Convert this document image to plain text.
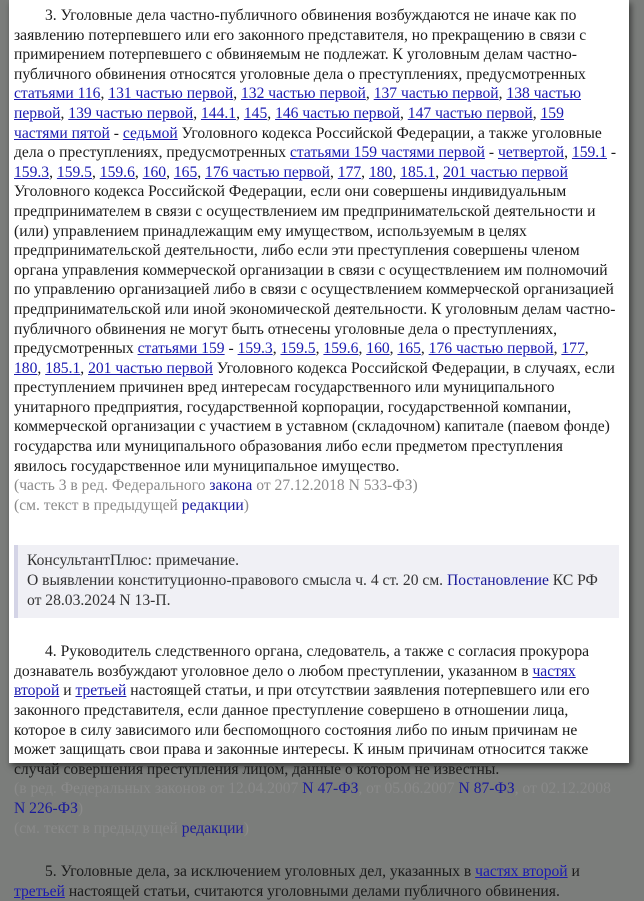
3. Уголовные дела частно-публичного обвинения возбуждаются не иначе как по заявлению потерпевшего или его законного представителя, но прекращению в связи с примирением потерпевшего с обвиняемым не подлежат. К уголовным делам частно-публичного обвинения относятся уголовные дела о преступлениях, предусмотренных статьями 116, 131 частью первой, 132 частью первой, 137 частью первой, 138 частью первой, 139 частью первой, 144.1, 145, 146 частью первой, 147 частью первой, 159 частями пятой - седьмой Уголовного кодекса Российской Федерации, а также уголовные дела о преступлениях, предусмотренных статьями 159 частями первой - четвертой, 159.1 - 159.3, 159.5, 159.6, 160, 165, 176 частью первой, 177, 180, 185.1, 201 частью первой Уголовного кодекса Российской Федерации, если они совершены индивидуальным предпринимателем в связи с осуществлением им предпринимательской деятельности и (или) управлением принадлежащим ему имуществом, используемым в целях предпринимательской деятельности, либо если эти преступления совершены членом органа управления коммерческой организации в связи с осуществлением им полномочий по управлению организацией либо в связи с осуществлением коммерческой организацией предпринимательской или иной экономической деятельности. К уголовным делам частно-публичного обвинения не могут быть отнесены уголовные дела о преступлениях, предусмотренных статьями 159 - 159.3, 159.5, 159.6, 160, 165, 176 частью первой, 177, 180, 185.1, 201 частью первой Уголовного кодекса Российской Федерации, в случаях, если преступлением причинен вред интересам государственного или муниципального унитарного предприятия, государственной корпорации, государственной компании, коммерческой организации с участием в уставном (складочном) капитале (паевом фонде) государства или муниципального образования либо если предметом преступления явилось государственное или муниципальное имущество.

(часть 3 в ред. Федерального закона от 27.12.2018 N 533-ФЗ)

(см. текст в предыдущей редакции)

КонсультантПлюс: примечание.
О выявлении конституционно-правового смысла ч. 4 ст. 20 см. Постановление КС РФ от 28.03.2024 N 13-П.

4. Руководитель следственного органа, следователь, а также с согласия прокурора дознаватель возбуждают уголовное дело о любом преступлении, указанном в частях второй и третьей настоящей статьи, и при отсутствии заявления потерпевшего или его законного представителя, если данное преступление совершено в отношении лица, которое в силу зависимого или беспомощного состояния либо по иным причинам не может защищать свои права и законные интересы. К иным причинам относится также случай совершения преступления лицом, данные о котором не известны.

(в ред. Федеральных законов от 12.04.2007 N 47-ФЗ, от 05.06.2007 N 87-ФЗ, от 02.12.2008 N 226-ФЗ)

(см. текст в предыдущей редакции)

5. Уголовные дела, за исключением уголовных дел, указанных в частях второй и третьей настоящей статьи, считаются уголовными делами публичного обвинения.
